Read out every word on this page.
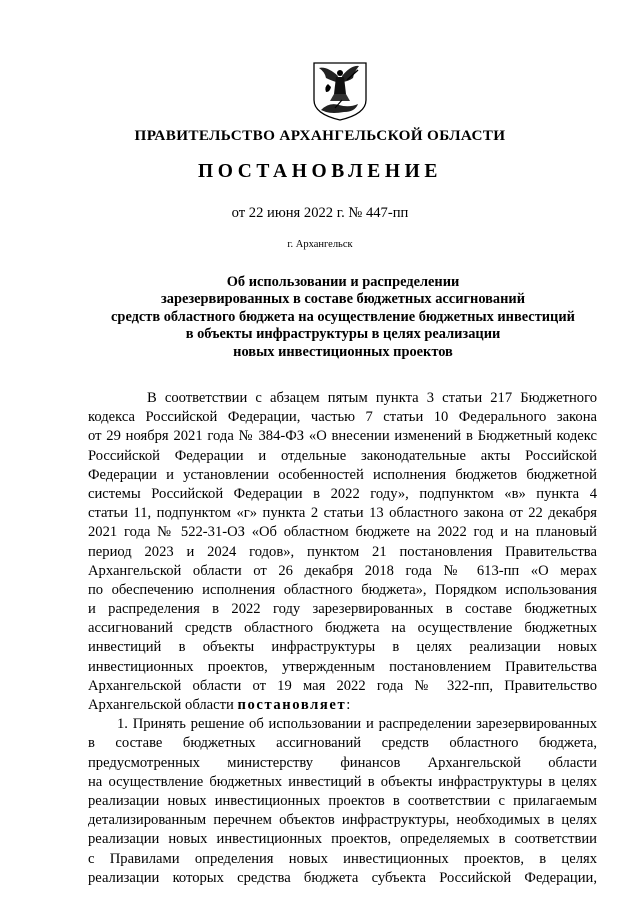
ПРАВИТЕЛЬСТВО АРХАНГЕЛЬСКОЙ ОБЛАСТИ
ПОСТАНОВЛЕНИЕ
от 22 июня 2022 г. № 447-пп
г. Архангельск
Об использовании и распределении
зарезервированных в составе бюджетных ассигнований
средств областного бюджета на осуществление бюджетных инвестиций
в объекты инфраструктуры в целях реализации
новых инвестиционных проектов
В соответствии с абзацем пятым пункта 3 статьи 217 Бюджетного
кодекса Российской Федерации, частью 7 статьи 10 Федерального закона
от 29 ноября 2021 года № 384-ФЗ «О внесении изменений в Бюджетный кодекс
Российской Федерации и отдельные законодательные акты Российской
Федерации и установлении особенностей исполнения бюджетов бюджетной
системы Российской Федерации в 2022 году», подпунктом «в» пункта 4
статьи 11, подпунктом «г» пункта 2 статьи 13 областного закона от 22 декабря
2021 года № 522-31-ОЗ «Об областном бюджете на 2022 год и на плановый
период 2023 и 2024 годов», пунктом 21 постановления Правительства
Архангельской области от 26 декабря 2018 года № 613-пп «О мерах
по обеспечению исполнения областного бюджета», Порядком использования
и распределения в 2022 году зарезервированных в составе бюджетных
ассигнований средств областного бюджета на осуществление бюджетных
инвестиций в объекты инфраструктуры в целях реализации новых
инвестиционных проектов, утвержденным постановлением Правительства
Архангельской области от 19 мая 2022 года № 322-пп, Правительство
Архангельской области постановляет:
1. Принять решение об использовании и распределении зарезервированных
в составе бюджетных ассигнований средств областного бюджета,
предусмотренных министерству финансов Архангельской области
на осуществление бюджетных инвестиций в объекты инфраструктуры в целях
реализации новых инвестиционных проектов в соответствии с прилагаемым
детализированным перечнем объектов инфраструктуры, необходимых в целях
реализации новых инвестиционных проектов, определяемых в соответствии
с Правилами определения новых инвестиционных проектов, в целях
реализации которых средства бюджета субъекта Российской Федерации,
